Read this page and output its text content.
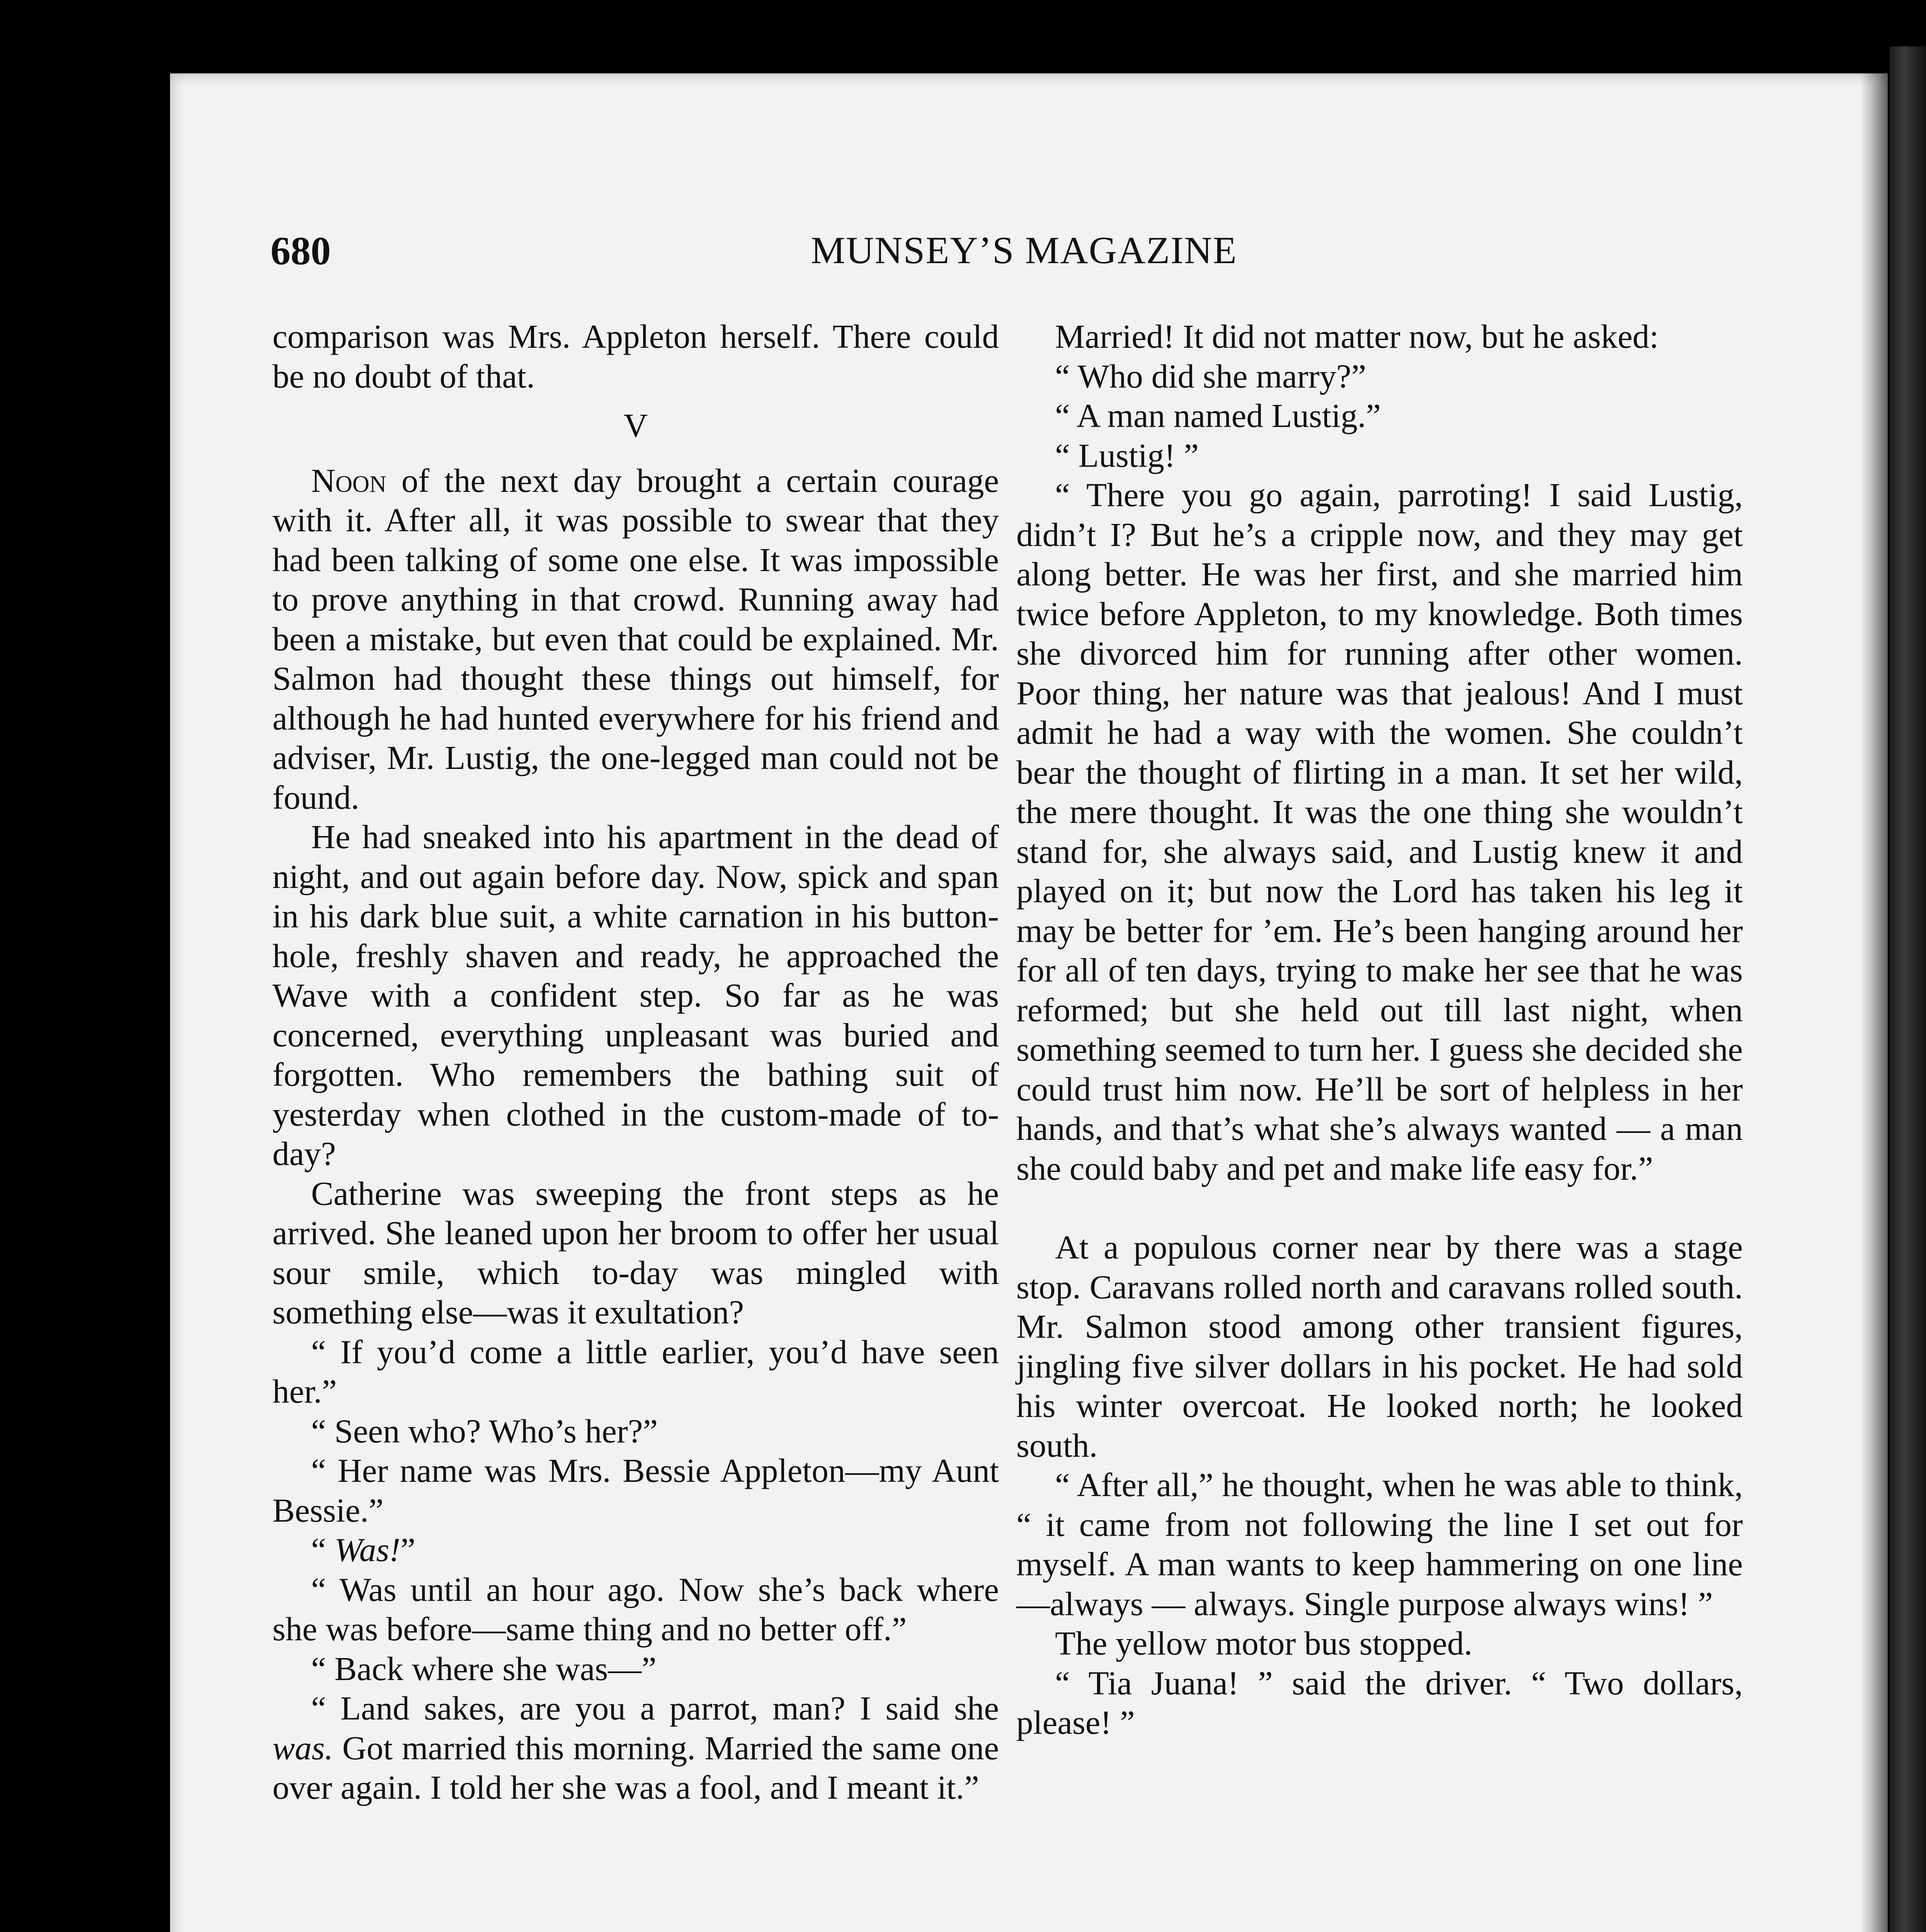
680	MUNSEY’S MAGAZINE

comparison was Mrs. Appleton herself. There could be no doubt of that.

V

Noon of the next day brought a certain courage with it. After all, it was possible to swear that they had been talking of some one else. It was impossible to prove anything in that crowd. Running away had been a mistake, but even that could be explained. Mr. Salmon had thought these things out himself, for although he had hunted everywhere for his friend and adviser, Mr. Lustig, the one-legged man could not be found.

He had sneaked into his apartment in the dead of night, and out again before day. Now, spick and span in his dark blue suit, a white carnation in his button-hole, freshly shaven and ready, he approached the Wave with a confident step. So far as he was concerned, everything unpleasant was buried and forgotten. Who remembers the bathing suit of yesterday when clothed in the custom-made of to-day?

Catherine was sweeping the front steps as he arrived. She leaned upon her broom to offer her usual sour smile, which to-day was mingled with something else—was it exultation?

“ If you’d come a little earlier, you’d have seen her.”

“ Seen who? Who’s her?”

“ Her name was Mrs. Bessie Appleton—my Aunt Bessie.”

“ Was!”

“ Was until an hour ago. Now she’s back where she was before—same thing and no better off.”

“ Back where she was—”

“ Land sakes, are you a parrot, man? I said she was. Got married this morning. Married the same one over again. I told her she was a fool, and I meant it.”

Married! It did not matter now, but he asked:

“ Who did she marry?”

“ A man named Lustig.”

“ Lustig! ”

“ There you go again, parroting! I said Lustig, didn’t I? But he’s a cripple now, and they may get along better. He was her first, and she married him twice before Appleton, to my knowledge. Both times she divorced him for running after other women. Poor thing, her nature was that jealous! And I must admit he had a way with the women. She couldn’t bear the thought of flirting in a man. It set her wild, the mere thought. It was the one thing she wouldn’t stand for, she always said, and Lustig knew it and played on it; but now the Lord has taken his leg it may be better for ’em. He’s been hanging around her for all of ten days, trying to make her see that he was reformed; but she held out till last night, when something seemed to turn her. I guess she decided she could trust him now. He’ll be sort of helpless in her hands, and that’s what she’s always wanted — a man she could baby and pet and make life easy for.”

At a populous corner near by there was a stage stop. Caravans rolled north and caravans rolled south. Mr. Salmon stood among other transient figures, jingling five silver dollars in his pocket. He had sold his winter overcoat. He looked north; he looked south.

“ After all,” he thought, when he was able to think, “ it came from not following the line I set out for myself. A man wants to keep hammering on one line—always — always. Single purpose always wins! ”

The yellow motor bus stopped.

“ Tia Juana! ” said the driver. “ Two dollars, please! ”
